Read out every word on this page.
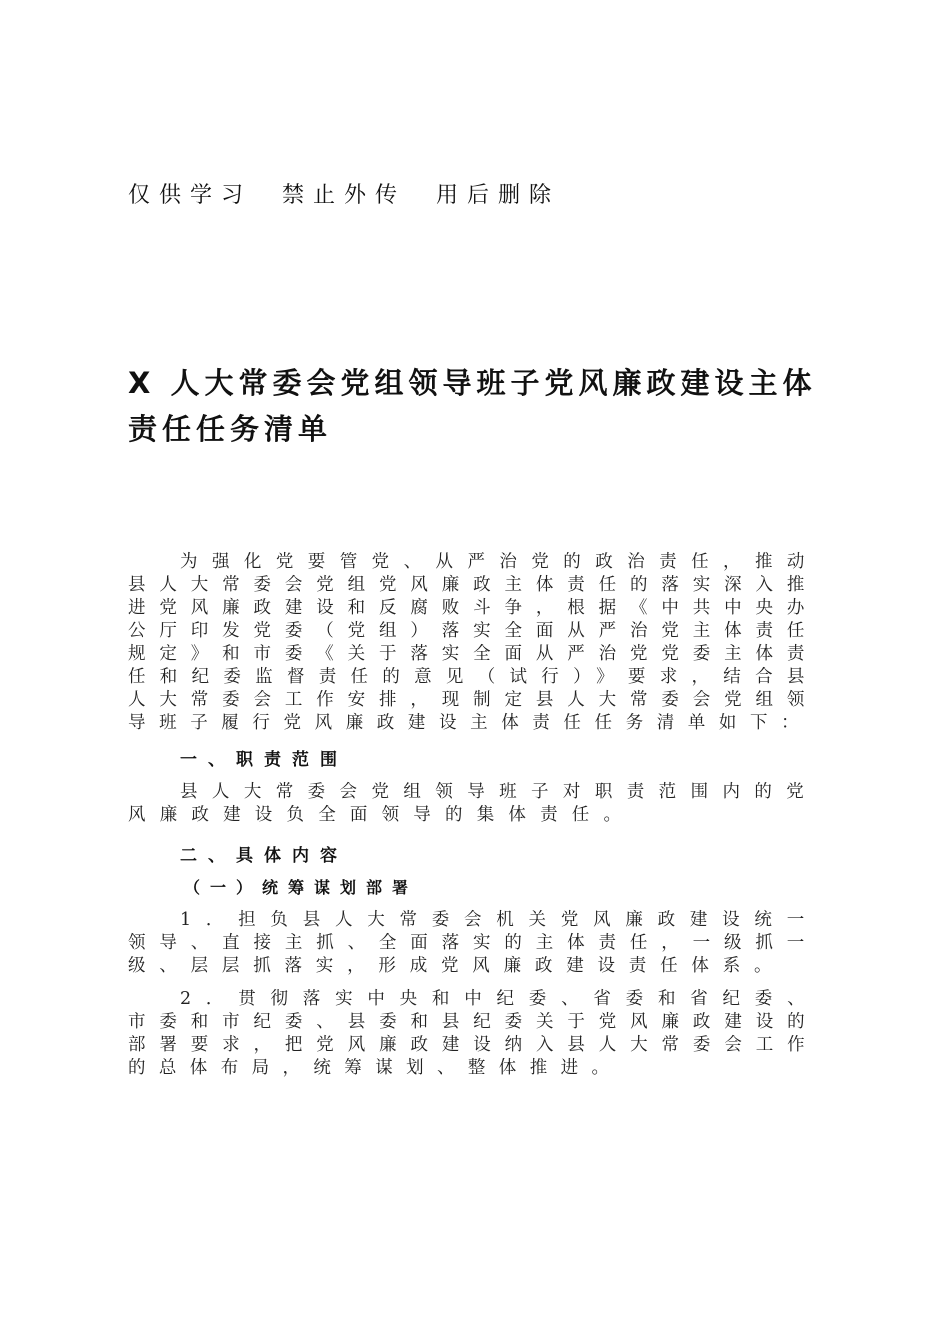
仅供学习 禁止外传 用后删除
X 人大常委会党组领导班子党风廉政建设主体责任任务清单

为强化党要管党、从严治党的政治责任，推动县人大常委会党组党风廉政主体责任的落实深入推进党风廉政建设和反腐败斗争，根据《中共中央办公厅印发党委（党组）落实全面从严治党主体责任规定》和市委《关于落实全面从严治党党委主体责任和纪委监督责任的意见（试行）》要求，结合县人大常委会工作安排，现制定县人大常委会党组领导班子履行党风廉政建设主体责任任务清单如下：

一、职责范围

县人大常委会党组领导班子对职责范围内的党风廉政建设负全面领导的集体责任。

二、具体内容
（一）统筹谋划部署

1．担负县人大常委会机关党风廉政建设统一领导、直接主抓、全面落实的主体责任，一级抓一级、层层抓落实，形成党风廉政建设责任体系。

2．贯彻落实中央和中纪委、省委和省纪委、市委和市纪委、县委和县纪委关于党风廉政建设的部署要求，把党风廉政建设纳入县人大常委会工作的总体布局，统筹谋划、整体推进。
